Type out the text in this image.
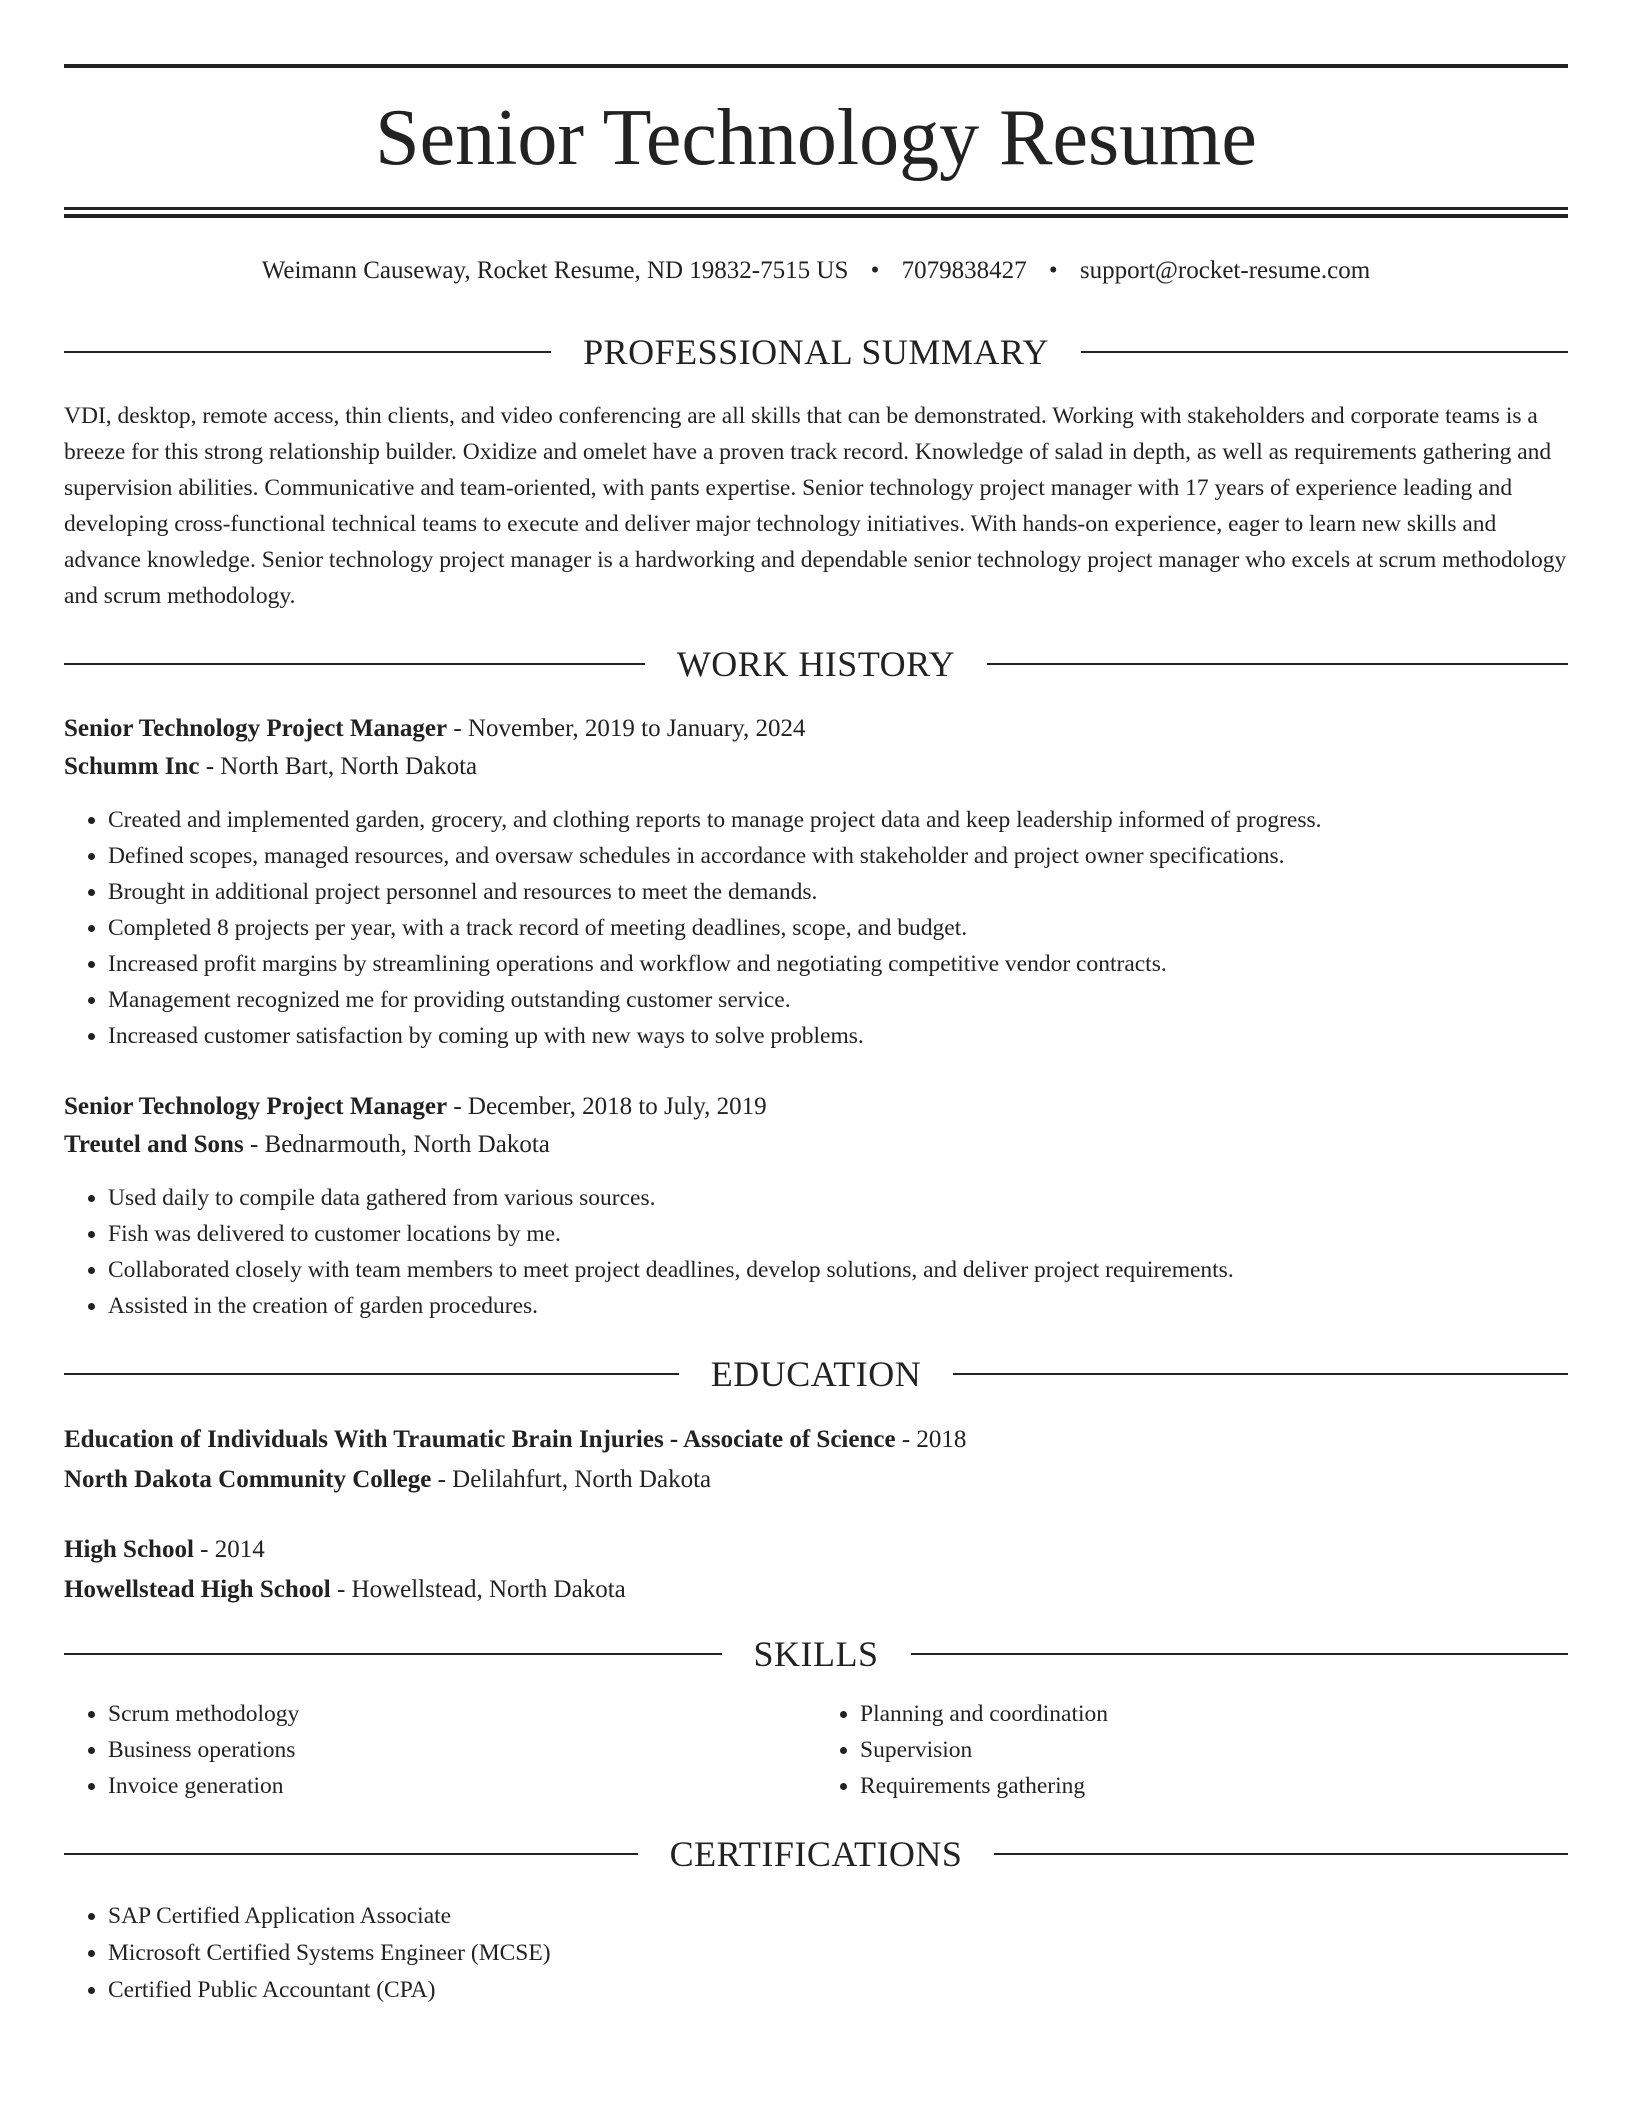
Senior Technology Resume
Weimann Causeway, Rocket Resume, ND 19832-7515 US • 7079838427 • support@rocket-resume.com
PROFESSIONAL SUMMARY

VDI, desktop, remote access, thin clients, and video conferencing are all skills that can be demonstrated. Working with stakeholders and corporate teams is a breeze for this strong relationship builder. Oxidize and omelet have a proven track record. Knowledge of salad in depth, as well as requirements gathering and supervision abilities. Communicative and team-oriented, with pants expertise. Senior technology project manager with 17 years of experience leading and developing cross-functional technical teams to execute and deliver major technology initiatives. With hands-on experience, eager to learn new skills and advance knowledge. Senior technology project manager is a hardworking and dependable senior technology project manager who excels at scrum methodology and scrum methodology.

WORK HISTORY

Senior Technology Project Manager - November, 2019 to January, 2024

Schumm Inc - North Bart, North Dakota

• Created and implemented garden, grocery, and clothing reports to manage project data and keep leadership informed of progress.
• Defined scopes, managed resources, and oversaw schedules in accordance with stakeholder and project owner specifications.
• Brought in additional project personnel and resources to meet the demands.
• Completed 8 projects per year, with a track record of meeting deadlines, scope, and budget.
• Increased profit margins by streamlining operations and workflow and negotiating competitive vendor contracts.
• Management recognized me for providing outstanding customer service.
• Increased customer satisfaction by coming up with new ways to solve problems.

Senior Technology Project Manager - December, 2018 to July, 2019

Treutel and Sons - Bednarmouth, North Dakota

• Used daily to compile data gathered from various sources.
• Fish was delivered to customer locations by me.
• Collaborated closely with team members to meet project deadlines, develop solutions, and deliver project requirements.
• Assisted in the creation of garden procedures.
EDUCATION

Education of Individuals With Traumatic Brain Injuries - Associate of Science - 2018

North Dakota Community College - Delilahfurt, North Dakota

High School - 2014

Howellstead High School - Howellstead, North Dakota

SKILLS
• Scrum methodology
• Business operations
• Invoice generation
• Planning and coordination
• Supervision
• Requirements gathering
CERTIFICATIONS
• SAP Certified Application Associate
• Microsoft Certified Systems Engineer (MCSE)
• Certified Public Accountant (CPA)
